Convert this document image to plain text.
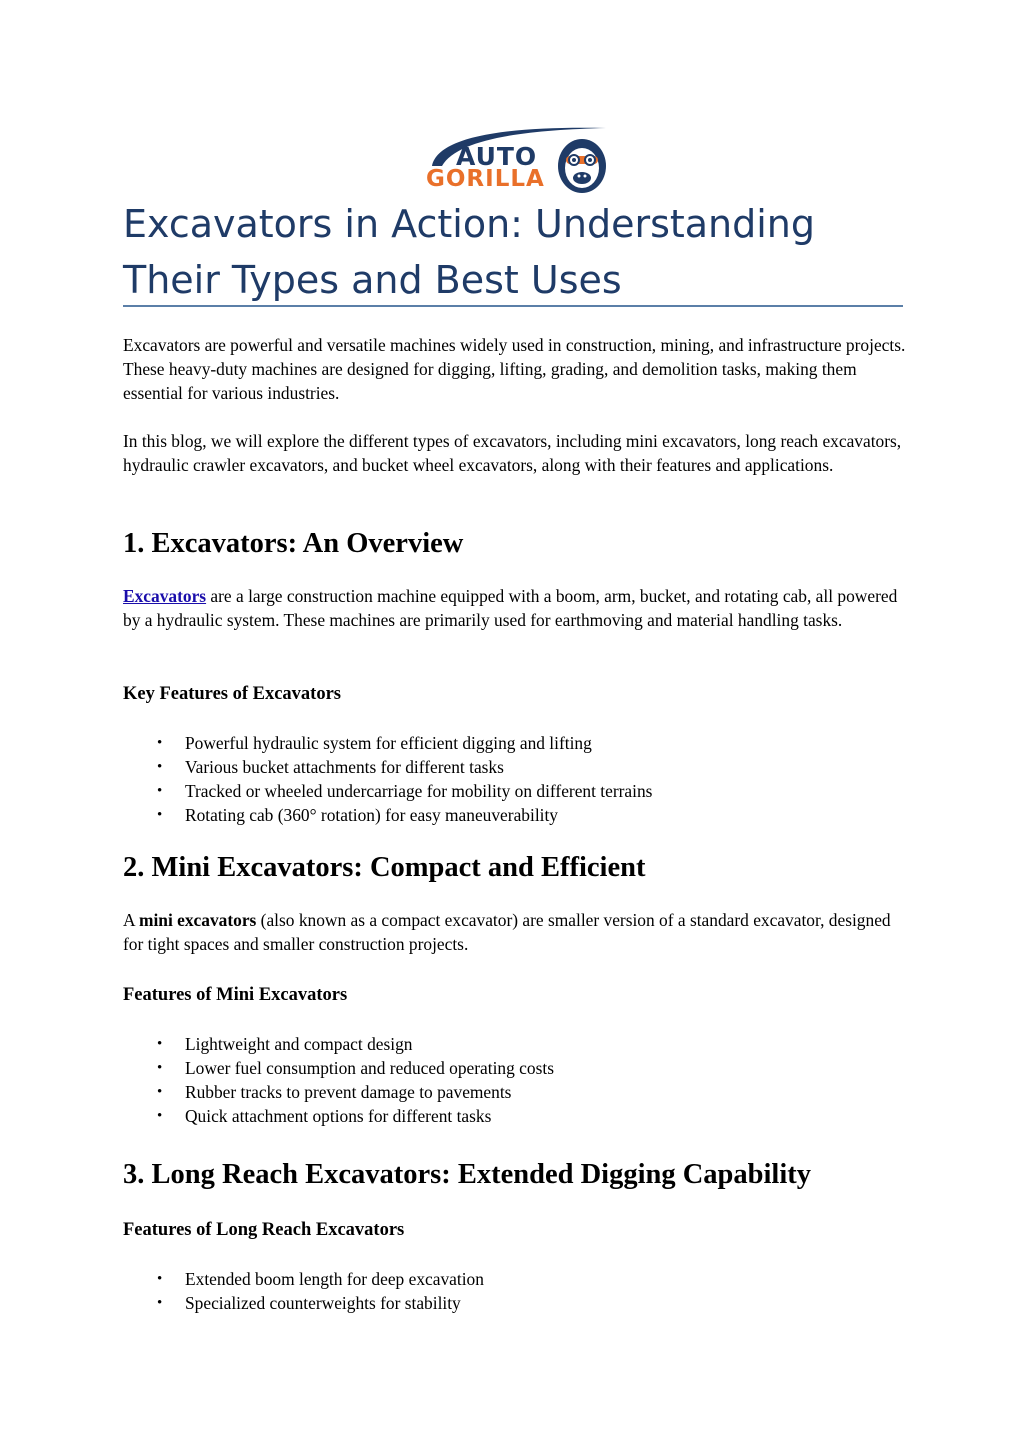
AUTO
GORILLA
Excavators in Action: Understanding Their Types and Best Uses

Excavators are powerful and versatile machines widely used in construction, mining, and infrastructure projects. These heavy-duty machines are designed for digging, lifting, grading, and demolition tasks, making them essential for various industries.

In this blog, we will explore the different types of excavators, including mini excavators, long reach excavators, hydraulic crawler excavators, and bucket wheel excavators, along with their features and applications.

1. Excavators: An Overview

Excavators are a large construction machine equipped with a boom, arm, bucket, and rotating cab, all powered by a hydraulic system. These machines are primarily used for earthmoving and material handling tasks.

Key Features of Excavators
• Powerful hydraulic system for efficient digging and lifting
• Various bucket attachments for different tasks
• Tracked or wheeled undercarriage for mobility on different terrains
• Rotating cab (360° rotation) for easy maneuverability
2. Mini Excavators: Compact and Efficient

A mini excavators (also known as a compact excavator) are smaller version of a standard excavator, designed for tight spaces and smaller construction projects.

Features of Mini Excavators
• Lightweight and compact design
• Lower fuel consumption and reduced operating costs
• Rubber tracks to prevent damage to pavements
• Quick attachment options for different tasks
3. Long Reach Excavators: Extended Digging Capability
Features of Long Reach Excavators
• Extended boom length for deep excavation
• Specialized counterweights for stability
